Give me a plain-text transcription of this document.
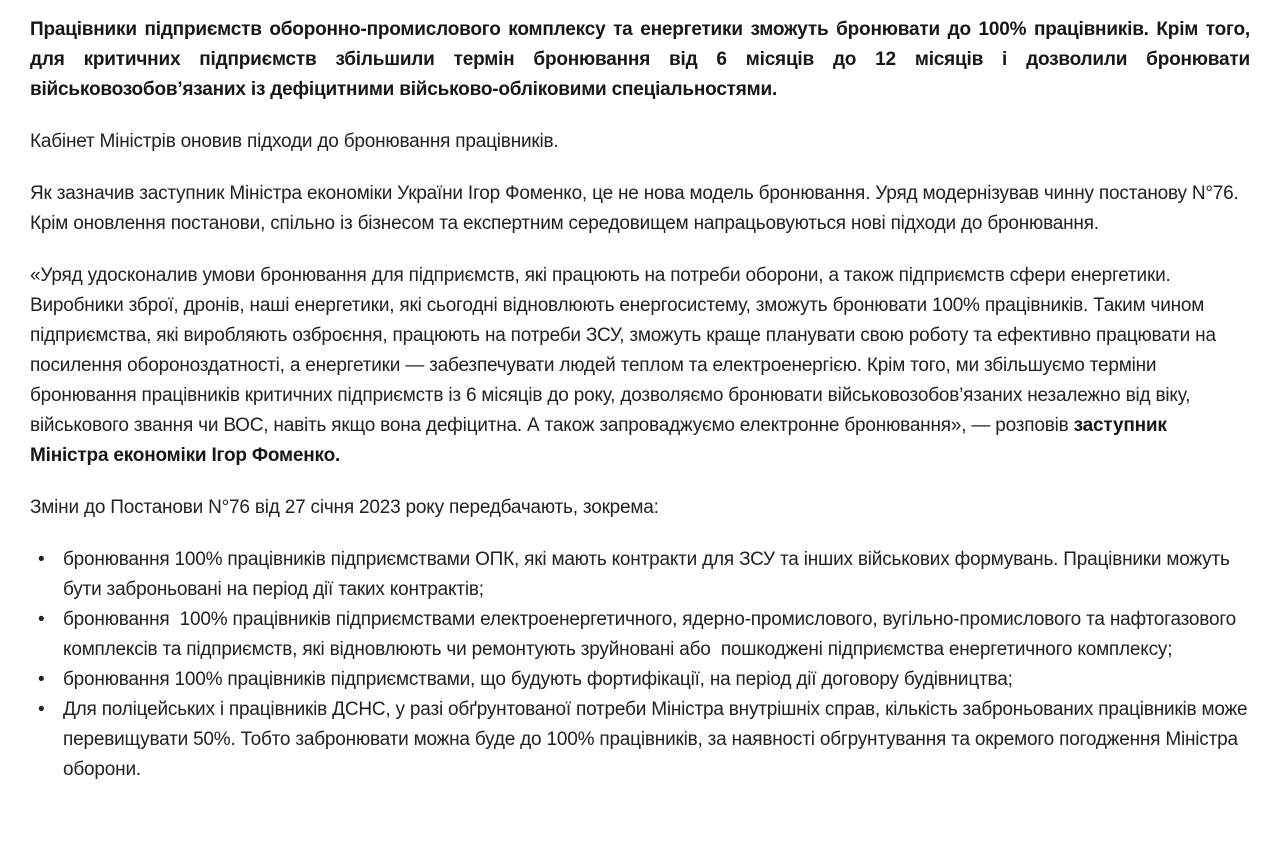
Працівники підприємств оборонно-промислового комплексу та енергетики зможуть бронювати до 100% працівників. Крім того, для критичних підприємств збільшили термін бронювання від 6 місяців до 12 місяців і дозволили бронювати військовозобов’язаних із дефіцитними військово-обліковими спеціальностями.

Кабінет Міністрів оновив підходи до бронювання працівників.

Як зазначив заступник Міністра економіки України Ігор Фоменко, це не нова модель бронювання. Уряд модернізував чинну постанову N°76. Крім оновлення постанови, спільно із бізнесом та експертним середовищем напрацьовуються нові підходи до бронювання.

«Уряд удосконалив умови бронювання для підприємств, які працюють на потреби оборони, а також підприємств сфери енергетики. Виробники зброї, дронів, наші енергетики, які сьогодні відновлюють енергосистему, зможуть бронювати 100% працівників. Таким чином підприємства, які виробляють озброєння, працюють на потреби ЗСУ, зможуть краще планувати свою роботу та ефективно працювати на посилення обороноздатності, а енергетики — забезпечувати людей теплом та електроенергією. Крім того, ми збільшуємо терміни бронювання працівників критичних підприємств із 6 місяців до року, дозволяємо бронювати військовозобов’язаних незалежно від віку, військового звання чи ВОС, навіть якщо вона дефіцитна. А також запроваджуємо електронне бронювання», — розповів заступник Міністра економіки Ігор Фоменко.

Зміни до Постанови N°76 від 27 січня 2023 року передбачають, зокрема:

• бронювання 100% працівників підприємствами ОПК, які мають контракти для ЗСУ та інших військових формувань. Працівники можуть бути заброньовані на період дії таких контрактів;
• бронювання  100% працівників підприємствами електроенергетичного, ядерно-промислового, вугільно-промислового та нафтогазового комплексів та підприємств, які відновлюють чи ремонтують зруйновані або  пошкоджені підприємства енергетичного комплексу;
• бронювання 100% працівників підприємствами, що будують фортифікації, на період дії договору будівництва;
• Для поліцейських і працівників ДСНС, у разі обґрунтованої потреби Міністра внутрішніх справ, кількість заброньованих працівників може перевищувати 50%. Тобто забронювати можна буде до 100% працівників, за наявності обгрунтування та окремого погодження Міністра оборони.
